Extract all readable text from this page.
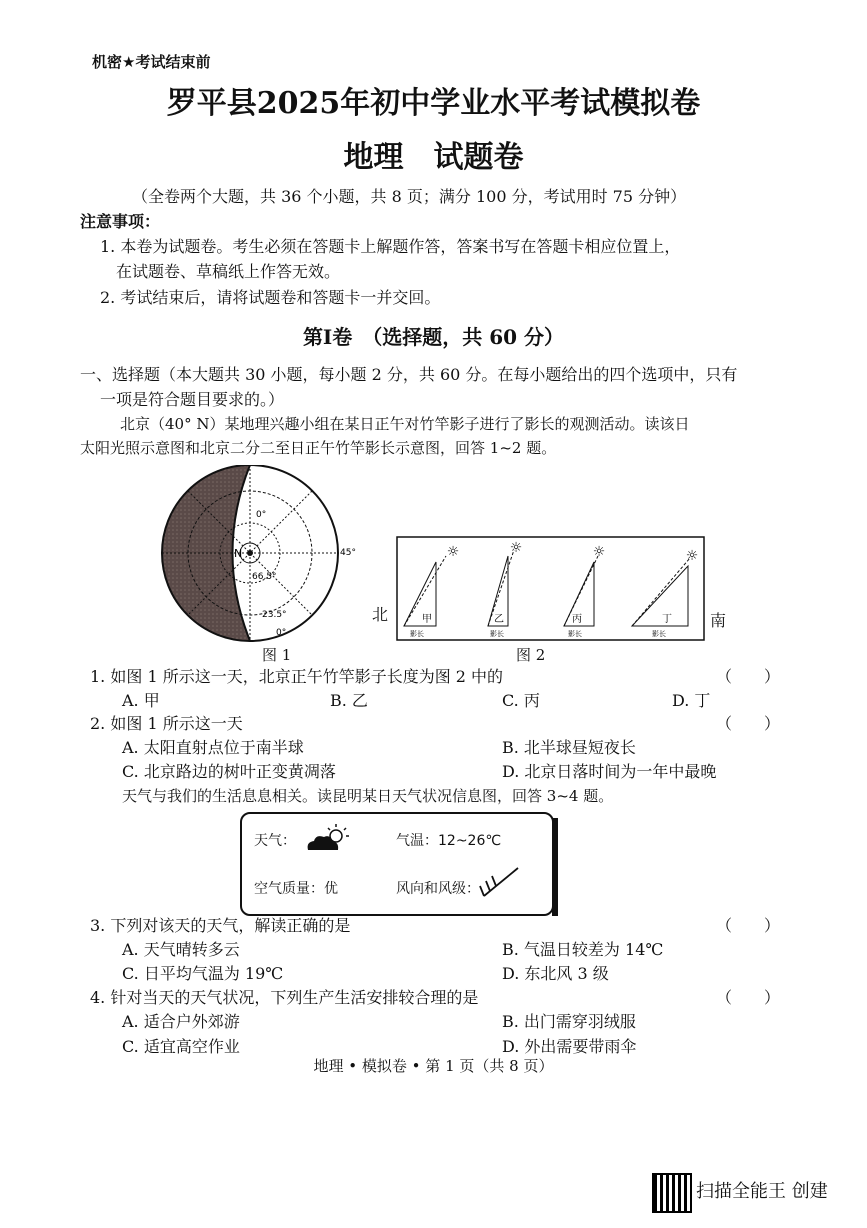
机密★考试结束前
罗平县2025年初中学业水平考试模拟卷
地理　试题卷
（全卷两个大题，共 36 个小题，共 8 页；满分 100 分，考试用时 75 分钟）
注意事项：
1. 本卷为试题卷。考生必须在答题卡上解题作答，答案书写在答题卡相应位置上，
在试题卷、草稿纸上作答无效。
2. 考试结束后，请将试题卷和答题卡一并交回。
第Ⅰ卷　（选择题，共 60 分）
一、选择题（本大题共 30 小题，每小题 2 分，共 60 分。在每小题给出的四个选项中，只有
一项是符合题目要求的。）
北京（40° N）某地理兴趣小组在某日正午对竹竿影子进行了影长的观测活动。读该日
太阳光照示意图和北京二分二至日正午竹竿影长示意图，回答 1~2 题。
N
0°
45°
66.5°
23.5°
0°
图 1
北	南
☼
甲
影长
☼
乙
影长
☼
丙
影长
☼
丁
影长
图 2
1. 如图 1 所示这一天，北京正午竹竿影子长度为图 2 中的	（　　）
A. 甲	B. 乙	C. 丙	D. 丁
2. 如图 1 所示这一天	（　　）
A. 太阳直射点位于南半球	B. 北半球昼短夜长
C. 北京路边的树叶正变黄凋落	D. 北京日落时间为一年中最晚
天气与我们的生活息息相关。读昆明某日天气状况信息图，回答 3~4 题。
天气：	气温：12~26℃
空气质量：优	风向和风级：
3. 下列对该天的天气，解读正确的是	（　　）
A. 天气晴转多云	B. 气温日较差为 14℃
C. 日平均气温为 19℃	D. 东北风 3 级
4. 针对当天的天气状况，下列生产生活安排较合理的是	（　　）
A. 适合户外郊游	B. 出门需穿羽绒服
C. 适宜高空作业	D. 外出需要带雨伞
地理 • 模拟卷 • 第 1 页（共 8 页）
扫描全能王 创建
